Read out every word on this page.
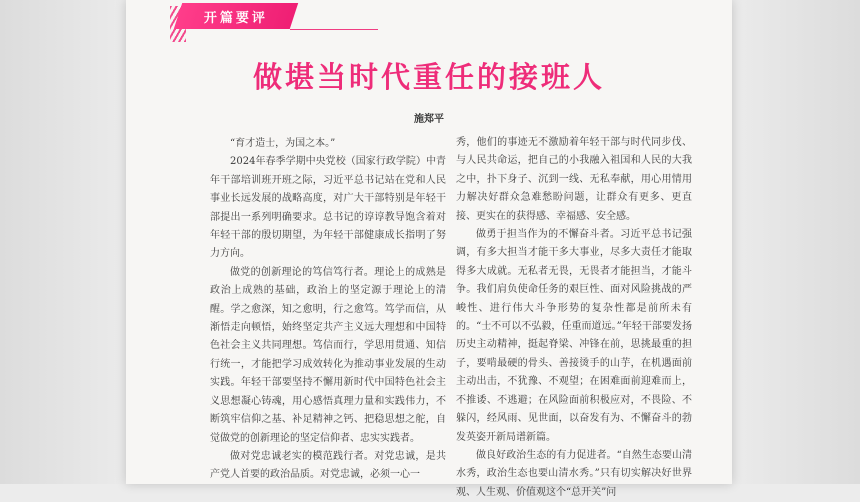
开篇要评
做堪当时代重任的接班人
施郑平

“育才造士，为国之本。”

2024年春季学期中央党校（国家行政学院）中青年干部培训班开班之际，习近平总书记站在党和人民事业长远发展的战略高度，对广大干部特别是年轻干部提出一系列明确要求。总书记的谆谆教导饱含着对年轻干部的殷切期望，为年轻干部健康成长指明了努力方向。

做党的创新理论的笃信笃行者。理论上的成熟是政治上成熟的基础，政治上的坚定源于理论上的清醒。学之愈深，知之愈明，行之愈笃。笃学而信，从渐悟走向顿悟，始终坚定共产主义远大理想和中国特色社会主义共同理想。笃信而行，学思用贯通、知信行统一，才能把学习成效转化为推动事业发展的生动实践。年轻干部要坚持不懈用新时代中国特色社会主义思想凝心铸魂，用心感悟真理力量和实践伟力，不断筑牢信仰之基、补足精神之钙、把稳思想之舵，自觉做党的创新理论的坚定信仰者、忠实实践者。

做对党忠诚老实的模范践行者。对党忠诚，是共产党人首要的政治品质。对党忠诚，必须一心一

秀，他们的事迹无不激励着年轻干部与时代同步伐、与人民共命运，把自己的小我融入祖国和人民的大我之中，扑下身子、沉到一线、无私奉献，用心用情用力解决好群众急难愁盼问题，让群众有更多、更直接、更实在的获得感、幸福感、安全感。

做勇于担当作为的不懈奋斗者。习近平总书记强调，有多大担当才能干多大事业，尽多大责任才能取得多大成就。无私者无畏，无畏者才能担当，才能斗争。我们肩负使命任务的艰巨性、面对风险挑战的严峻性、进行伟大斗争形势的复杂性都是前所未有的。“士不可以不弘毅，任重而道远。”年轻干部要发扬历史主动精神，挺起脊梁、冲锋在前，思挑最重的担子，要啃最硬的骨头、善接烫手的山芋，在机遇面前主动出击，不犹豫、不观望；在困难面前迎难而上，不推诿、不逃避；在风险面前积极应对，不畏险、不躲闪，经风雨、见世面，以奋发有为、不懈奋斗的勃发英姿开新局谱新篇。

做良好政治生态的有力促进者。“自然生态要山清水秀，政治生态也要山清水秀。”只有切实解决好世界观、人生观、价值观这个“总开关”问
